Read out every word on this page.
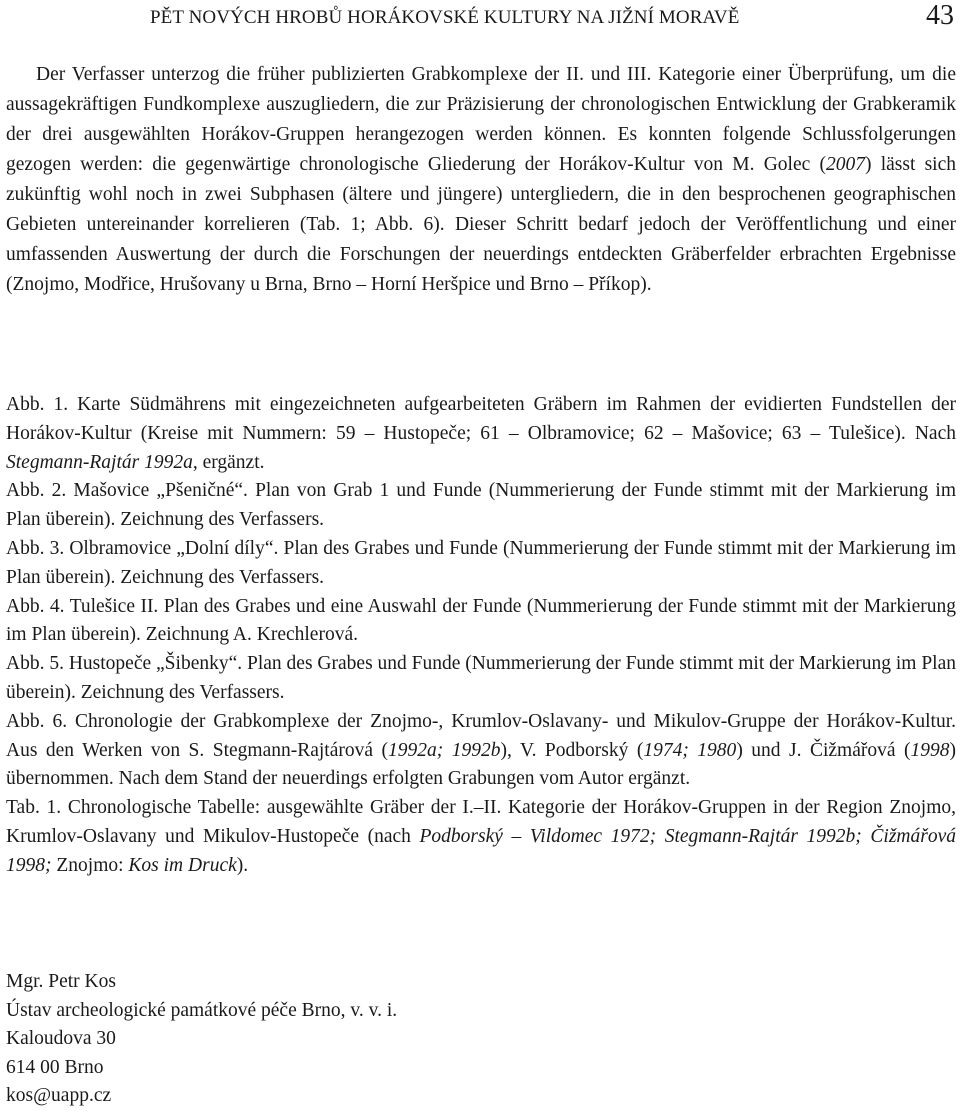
PĚT NOVÝCH HROBŮ HORÁKOVSKÉ KULTURY NA JIŽNÍ MORAVĚ	43
Der Verfasser unterzog die früher publizierten Grabkomplexe der II. und III. Kategorie einer Überprüfung, um die aussagekräftigen Fundkomplexe auszugliedern, die zur Präzisierung der chronologischen Entwicklung der Grabkeramik der drei ausgewählten Horákov-Gruppen herangezogen werden können. Es konnten folgende Schlussfolgerungen gezogen werden: die gegenwärtige chronologische Gliederung der Horákov-Kultur von M. Golec (2007) lässt sich zukünftig wohl noch in zwei Subphasen (ältere und jüngere) untergliedern, die in den besprochenen geographischen Gebieten untereinander korrelieren (Tab. 1; Abb. 6). Dieser Schritt bedarf jedoch der Veröffentlichung und einer umfassenden Auswertung der durch die Forschungen der neuerdings entdeckten Gräberfelder erbrachten Ergebnisse (Znojmo, Modřice, Hrušovany u Brna, Brno – Horní Heršpice und Brno – Příkop).

Abb. 1. Karte Südmährens mit eingezeichneten aufgearbeiteten Gräbern im Rahmen der evidierten Fundstellen der Horákov-Kultur (Kreise mit Nummern: 59 – Hustopeče; 61 – Olbramovice; 62 – Mašovice; 63 – Tulešice). Nach Stegmann-Rajtár 1992a, ergänzt.

Abb. 2. Mašovice „Pšeničné“. Plan von Grab 1 und Funde (Nummerierung der Funde stimmt mit der Markierung im Plan überein). Zeichnung des Verfassers.

Abb. 3. Olbramovice „Dolní díly“. Plan des Grabes und Funde (Nummerierung der Funde stimmt mit der Markierung im Plan überein). Zeichnung des Verfassers.

Abb. 4. Tulešice II. Plan des Grabes und eine Auswahl der Funde (Nummerierung der Funde stimmt mit der Markierung im Plan überein). Zeichnung A. Krechlerová.

Abb. 5. Hustopeče „Šibenky“. Plan des Grabes und Funde (Nummerierung der Funde stimmt mit der Markierung im Plan überein). Zeichnung des Verfassers.

Abb. 6. Chronologie der Grabkomplexe der Znojmo-, Krumlov-Oslavany- und Mikulov-Gruppe der Horákov-Kultur. Aus den Werken von S. Stegmann-Rajtárová (1992a; 1992b), V. Podborský (1974; 1980) und J. Čižmářová (1998) übernommen. Nach dem Stand der neuerdings erfolgten Grabungen vom Autor ergänzt.

Tab. 1. Chronologische Tabelle: ausgewählte Gräber der I.–II. Kategorie der Horákov-Gruppen in der Region Znojmo, Krumlov-Oslavany und Mikulov-Hustopeče (nach Podborský – Vildomec 1972; Stegmann-Rajtár 1992b; Čižmářová 1998; Znojmo: Kos im Druck).

Mgr. Petr Kos
Ústav archeologické památkové péče Brno, v. v. i.
Kaloudova 30
614 00 Brno
kos@uapp.cz
